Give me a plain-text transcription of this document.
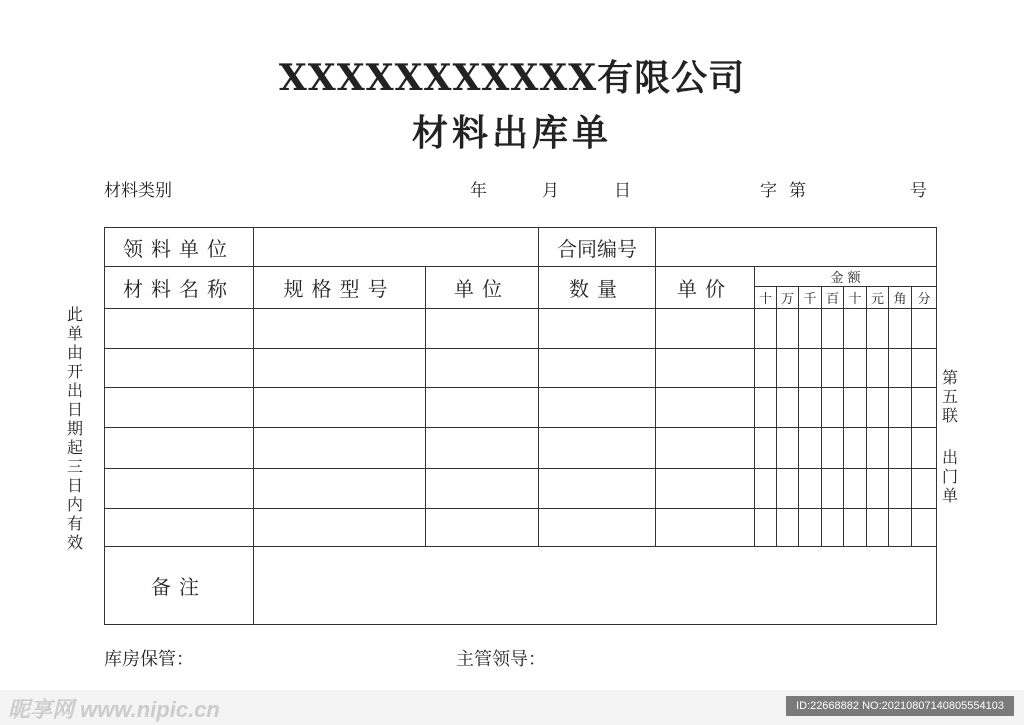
XXXXXXXXXXX有限公司
材料出库单
材料类别	年	月	日	字 第	号
此单由开出日期起三日内有效
第五联
出门单
领料单位			合同编号									
材料名称	规格型号	单位	数量	单价	金 额							
					十	万	千	百	十	元	角	分

备注												
库房保管：	主管领导：
昵享网 www.nipic.cn	ID:22668882 NO:20210807140805554103
